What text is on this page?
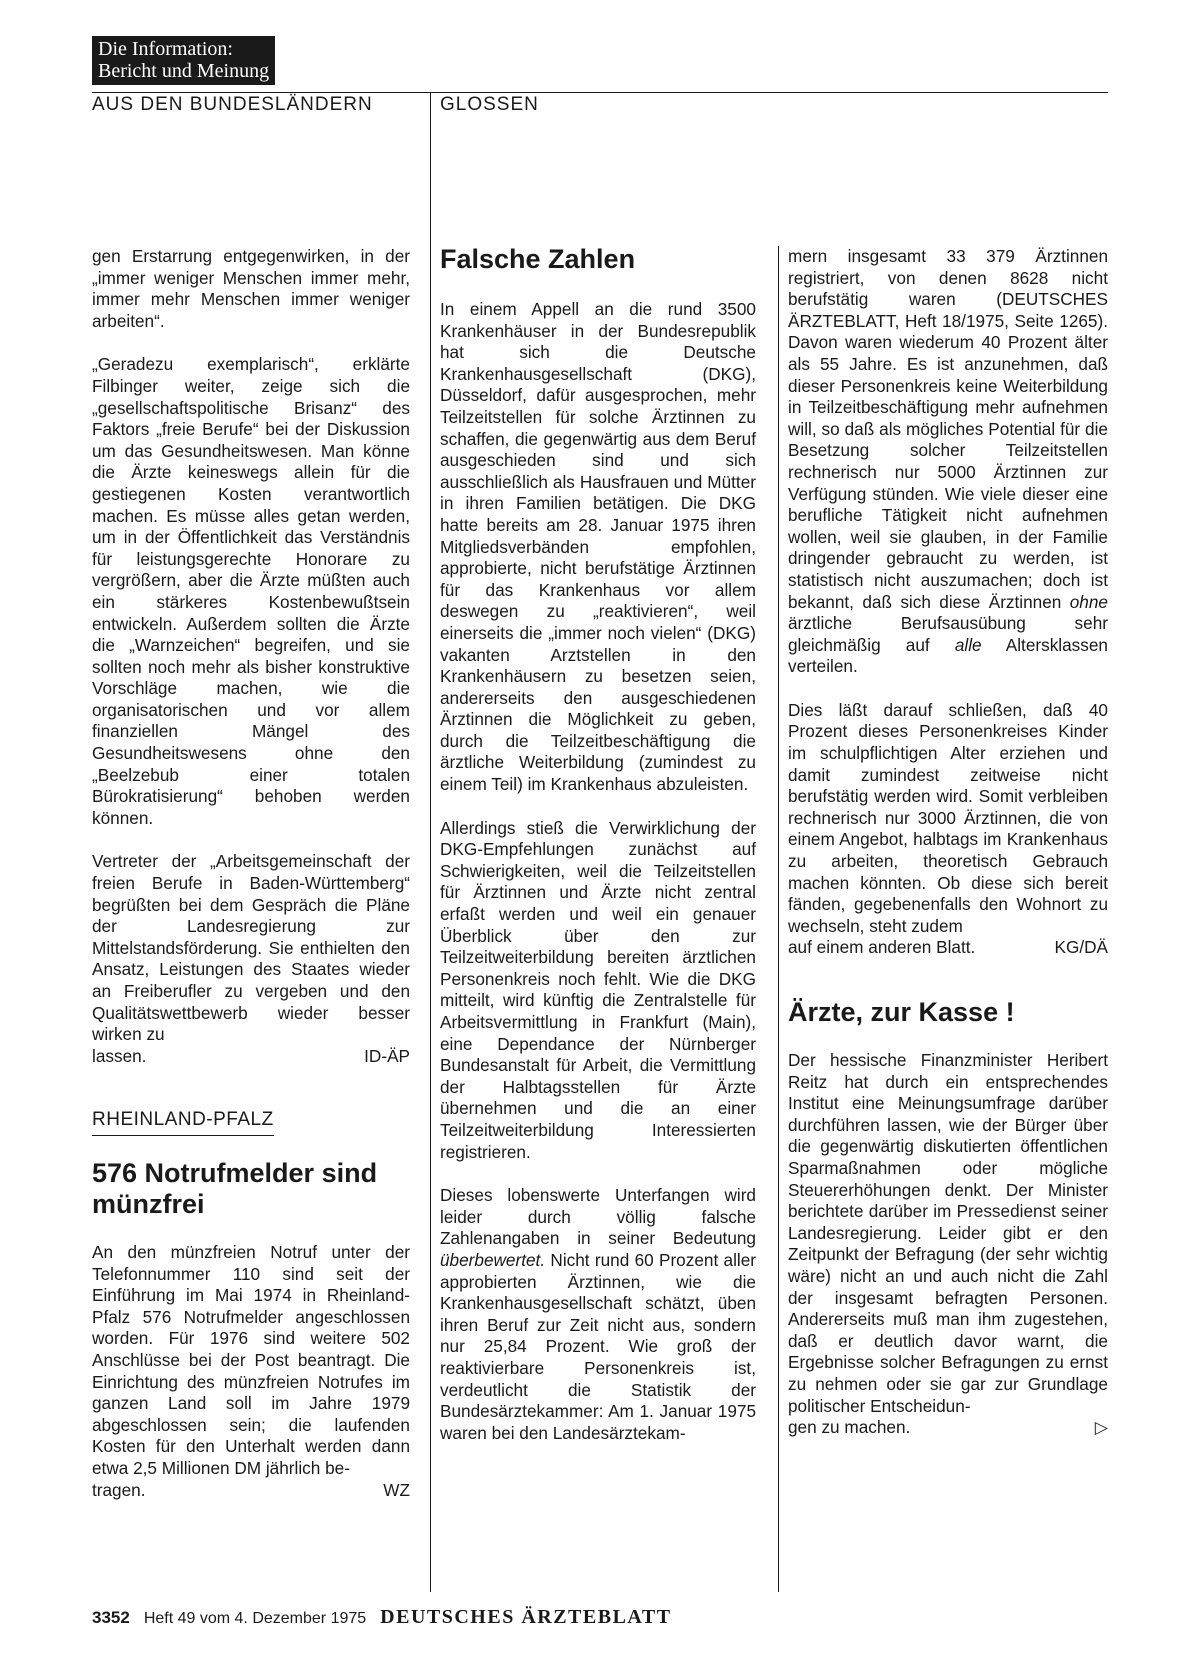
Die Information:
Bericht und Meinung
AUS DEN BUNDESLÄNDERN	GLOSSEN

gen Erstarrung entgegenwirken, in der „immer weniger Menschen immer mehr, immer mehr Menschen immer weniger arbeiten“.

„Geradezu exemplarisch“, erklärte Filbinger weiter, zeige sich die „gesellschaftspolitische Brisanz“ des Faktors „freie Berufe“ bei der Diskussion um das Gesundheitswesen. Man könne die Ärzte keineswegs allein für die gestiegenen Kosten verantwortlich machen. Es müsse alles getan werden, um in der Öffentlichkeit das Verständnis für leistungsgerechte Honorare zu vergrößern, aber die Ärzte müßten auch ein stärkeres Kostenbewußtsein entwickeln. Außerdem sollten die Ärzte die „Warnzeichen“ begreifen, und sie sollten noch mehr als bisher konstruktive Vorschläge machen, wie die organisatorischen und vor allem finanziellen Mängel des Gesundheitswesens ohne den „Beelzebub einer totalen Bürokratisierung“ behoben werden können.

Vertreter der „Arbeitsgemeinschaft der freien Berufe in Baden-Württemberg“ begrüßten bei dem Gespräch die Pläne der Landesregierung zur Mittelstandsförderung. Sie enthielten den Ansatz, Leistungen des Staates wieder an Freiberufler zu vergeben und den Qualitätswettbewerb wieder besser wirken zu

lassen.	ID-ÄP
RHEINLAND-PFALZ
576 Notrufmelder sind münzfrei

An den münzfreien Notruf unter der Telefonnummer 110 sind seit der Einführung im Mai 1974 in Rheinland-Pfalz 576 Notrufmelder angeschlossen worden. Für 1976 sind weitere 502 Anschlüsse bei der Post beantragt. Die Einrichtung des münzfreien Notrufes im ganzen Land soll im Jahre 1979 abgeschlossen sein; die laufenden Kosten für den Unterhalt werden dann etwa 2,5 Millionen DM jährlich be-

tragen.	WZ
Falsche Zahlen

In einem Appell an die rund 3500 Krankenhäuser in der Bundesrepublik hat sich die Deutsche Krankenhausgesellschaft (DKG), Düsseldorf, dafür ausgesprochen, mehr Teilzeitstellen für solche Ärztinnen zu schaffen, die gegenwärtig aus dem Beruf ausgeschieden sind und sich ausschließlich als Hausfrauen und Mütter in ihren Familien betätigen. Die DKG hatte bereits am 28. Januar 1975 ihren Mitgliedsverbänden empfohlen, approbierte, nicht berufstätige Ärztinnen für das Krankenhaus vor allem deswegen zu „reaktivieren“, weil einerseits die „immer noch vielen“ (DKG) vakanten Arztstellen in den Krankenhäusern zu besetzen seien, andererseits den ausgeschiedenen Ärztinnen die Möglichkeit zu geben, durch die Teilzeitbeschäftigung die ärztliche Weiterbildung (zumindest zu einem Teil) im Krankenhaus abzuleisten.

Allerdings stieß die Verwirklichung der DKG-Empfehlungen zunächst auf Schwierigkeiten, weil die Teilzeitstellen für Ärztinnen und Ärzte nicht zentral erfaßt werden und weil ein genauer Überblick über den zur Teilzeitweiterbildung bereiten ärztlichen Personenkreis noch fehlt. Wie die DKG mitteilt, wird künftig die Zentralstelle für Arbeitsvermittlung in Frankfurt (Main), eine Dependance der Nürnberger Bundesanstalt für Arbeit, die Vermittlung der Halbtagsstellen für Ärzte übernehmen und die an einer Teilzeitweiterbildung Interessierten registrieren.

Dieses lobenswerte Unterfangen wird leider durch völlig falsche Zahlenangaben in seiner Bedeutung überbewertet. Nicht rund 60 Prozent aller approbierten Ärztinnen, wie die Krankenhausgesellschaft schätzt, üben ihren Beruf zur Zeit nicht aus, sondern nur 25,84 Prozent. Wie groß der reaktivierbare Personenkreis ist, verdeutlicht die Statistik der Bundesärztekammer: Am 1. Januar 1975 waren bei den Landesärztekam-

mern insgesamt 33 379 Ärztinnen registriert, von denen 8628 nicht berufstätig waren (DEUTSCHES ÄRZTEBLATT, Heft 18/1975, Seite 1265). Davon waren wiederum 40 Prozent älter als 55 Jahre. Es ist anzunehmen, daß dieser Personenkreis keine Weiterbildung in Teilzeitbeschäftigung mehr aufnehmen will, so daß als mögliches Potential für die Besetzung solcher Teilzeitstellen rechnerisch nur 5000 Ärztinnen zur Verfügung stünden. Wie viele dieser eine berufliche Tätigkeit nicht aufnehmen wollen, weil sie glauben, in der Familie dringender gebraucht zu werden, ist statistisch nicht auszumachen; doch ist bekannt, daß sich diese Ärztinnen ohne ärztliche Berufsausübung sehr gleichmäßig auf alle Altersklassen verteilen.

Dies läßt darauf schließen, daß 40 Prozent dieses Personenkreises Kinder im schulpflichtigen Alter erziehen und damit zumindest zeitweise nicht berufstätig werden wird. Somit verbleiben rechnerisch nur 3000 Ärztinnen, die von einem Angebot, halbtags im Krankenhaus zu arbeiten, theoretisch Gebrauch machen könnten. Ob diese sich bereit fänden, gegebenenfalls den Wohnort zu wechseln, steht zudem

auf einem anderen Blatt.	KG/DÄ
Ärzte, zur Kasse !

Der hessische Finanzminister Heribert Reitz hat durch ein entsprechendes Institut eine Meinungsumfrage darüber durchführen lassen, wie der Bürger über die gegenwärtig diskutierten öffentlichen Sparmaßnahmen oder mögliche Steuererhöhungen denkt. Der Minister berichtete darüber im Pressedienst seiner Landesregierung. Leider gibt er den Zeitpunkt der Befragung (der sehr wichtig wäre) nicht an und auch nicht die Zahl der insgesamt befragten Personen. Andererseits muß man ihm zugestehen, daß er deutlich davor warnt, die Ergebnisse solcher Befragungen zu ernst zu nehmen oder sie gar zur Grundlage politischer Entscheidun-

gen zu machen.	▷
3352 Heft 49 vom 4. Dezember 1975 DEUTSCHES ÄRZTEBLATT
